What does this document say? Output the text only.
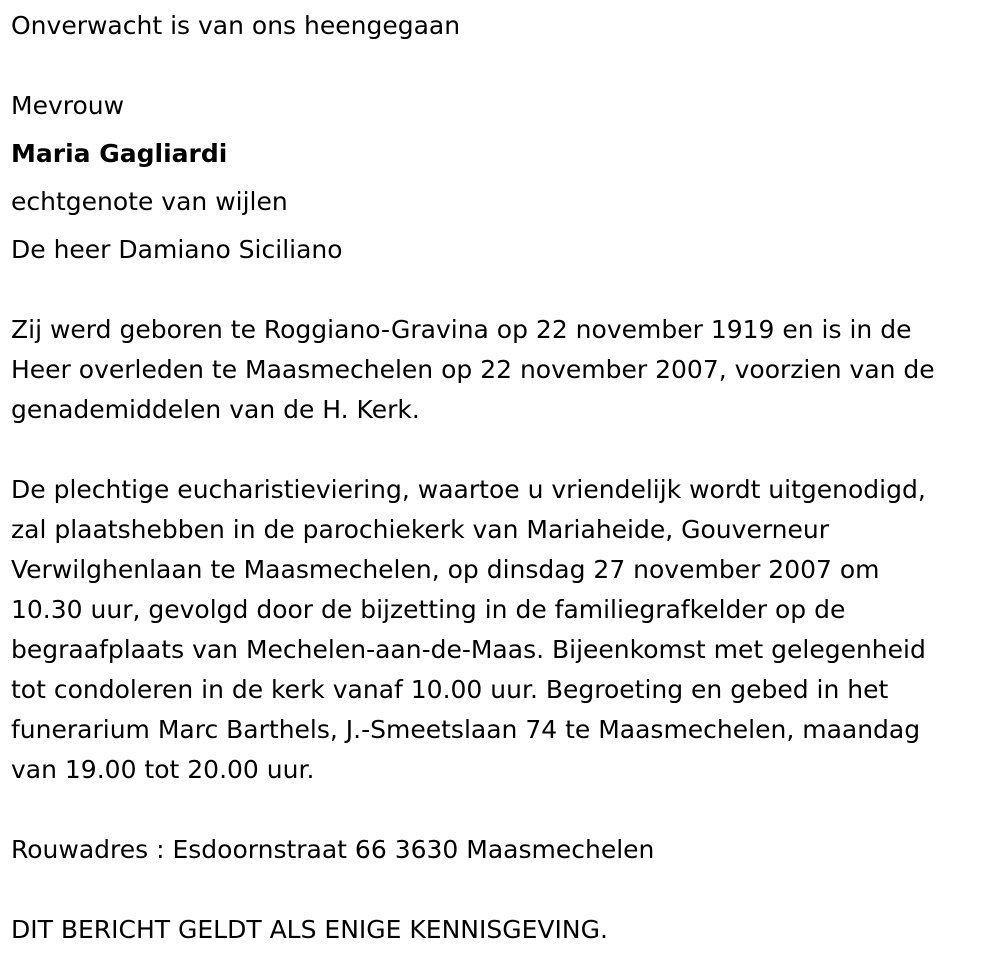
Onverwacht is van ons heengegaan

Mevrouw

Maria Gagliardi

echtgenote van wijlen

De heer Damiano Siciliano

Zij werd geboren te Roggiano-Gravina op 22 november 1919 en is in de
Heer overleden te Maasmechelen op 22 november 2007, voorzien van de
genademiddelen van de H. Kerk.

De plechtige eucharistieviering, waartoe u vriendelijk wordt uitgenodigd,
zal plaatshebben in de parochiekerk van Mariaheide, Gouverneur
Verwilghenlaan te Maasmechelen, op dinsdag 27 november 2007 om
10.30 uur, gevolgd door de bijzetting in de familiegrafkelder op de
begraafplaats van Mechelen-aan-de-Maas. Bijeenkomst met gelegenheid
tot condoleren in de kerk vanaf 10.00 uur. Begroeting en gebed in het
funerarium Marc Barthels, J.-Smeetslaan 74 te Maasmechelen, maandag
van 19.00 tot 20.00 uur.

Rouwadres : Esdoornstraat 66 3630 Maasmechelen

DIT BERICHT GELDT ALS ENIGE KENNISGEVING.
